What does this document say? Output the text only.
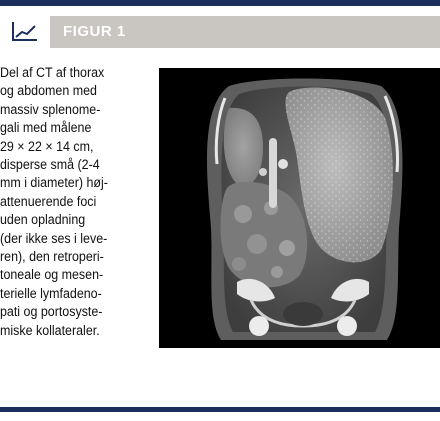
FIGUR 1
Del af CT af thorax
og abdomen med
massiv splenome-
gali med målene
29 × 22 × 14 cm,
disperse små (2-4
mm i diameter) høj-
attenuerende foci
uden opladning
(der ikke ses i leve-
ren), den retroperi-
toneale og mesen-
terielle lymfadeno-
pati og portosyste-
miske kollateraler.
